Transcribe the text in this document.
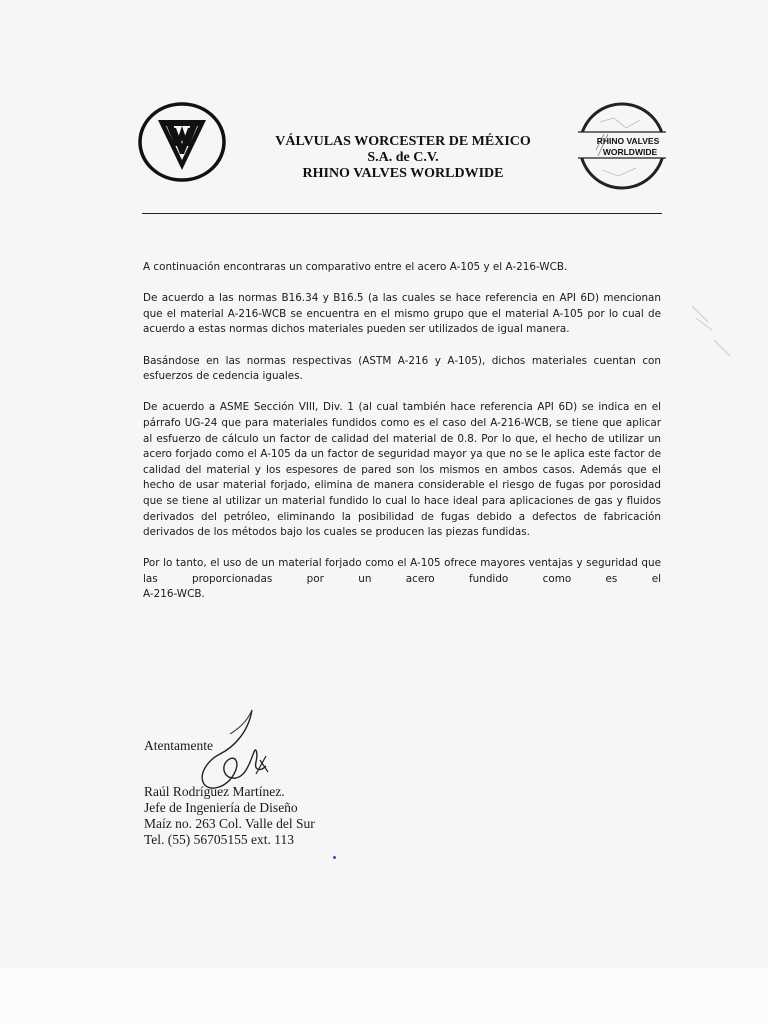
RHINO VALVES
WORLDWIDE
VÁLVULAS WORCESTER DE MÉXICO
S.A. de C.V.
RHINO VALVES WORLDWIDE

A continuación encontraras un comparativo entre el acero A-105 y el A-216-WCB.

De acuerdo a las normas B16.34 y B16.5 (a las cuales se hace referencia en API 6D) mencionan que el material A-216-WCB se encuentra en el mismo grupo que el material A-105 por lo cual de acuerdo a estas normas dichos materiales pueden ser utilizados de igual manera.

Basándose en las normas respectivas (ASTM A-216 y A-105), dichos materiales cuentan con esfuerzos de cedencia iguales.

De acuerdo a ASME Sección VIII, Div. 1 (al cual también hace referencia API 6D) se indica en el párrafo UG-24 que para materiales fundidos como es el caso del A-216-WCB, se tiene que aplicar al esfuerzo de cálculo un factor de calidad del material de 0.8. Por lo que, el hecho de utilizar un acero forjado como el A-105 da un factor de seguridad mayor ya que no se le aplica este factor de calidad del material y los espesores de pared son los mismos en ambos casos. Además que el hecho de usar material forjado, elimina de manera considerable el riesgo de fugas por porosidad que se tiene al utilizar un material fundido lo cual lo hace ideal para aplicaciones de gas y fluidos derivados del petróleo, eliminando la posibilidad de fugas debido a defectos de fabricación derivados de los métodos bajo los cuales se producen las piezas fundidas.

Por lo tanto, el uso de un material forjado como el A-105 ofrece mayores ventajas y seguridad que las proporcionadas por un acero fundido como es el

A-216-WCB.
Atentamente
Raúl Rodríguez Martínez.
Jefe de Ingeniería de Diseño
Maíz no. 263 Col. Valle del Sur
Tel. (55) 56705155 ext. 113
